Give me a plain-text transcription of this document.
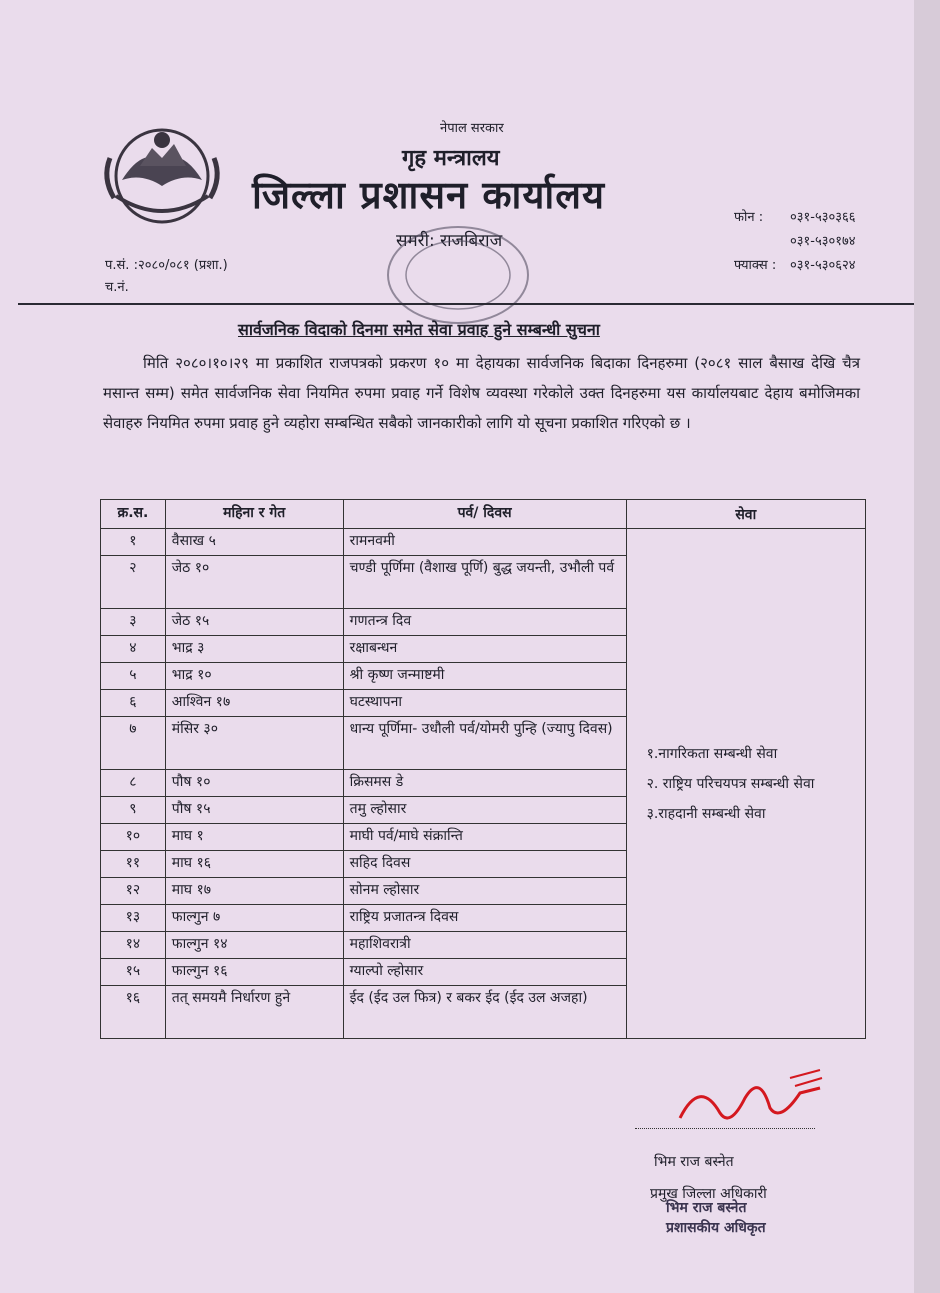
नेपाल सरकार
गृह मन्त्रालय
जिल्ला प्रशासन कार्यालय
समरी: राजबिराज
फोन :	०३१-५३०३६६
०३१-५३०१७४
फ्याक्स :	०३१-५३०६२४
प.सं. :२०८०/०८१ (प्रशा.)
च.नं.
सार्वजनिक विदाको दिनमा समेत सेवा प्रवाह हुने सम्बन्धी सुचना
मिति २०८०।१०।२९ मा प्रकाशित राजपत्रको प्रकरण १० मा देहायका सार्वजनिक बिदाका दिनहरुमा (२०८१ साल बैसाख देखि चैत्र मसान्त सम्म) समेत सार्वजनिक सेवा नियमित रुपमा प्रवाह गर्ने विशेष व्यवस्था गरेकोले उक्त दिनहरुमा यस कार्यालयबाट देहाय बमोजिमका सेवाहरु नियमित रुपमा प्रवाह हुने व्यहोरा सम्बन्धित सबैको जानकारीको लागि यो सूचना प्रकाशित गरिएको छ ।
क्र.स.	महिना र गेत	पर्व/ दिवस	सेवा
१	वैसाख ५	रामनवमी	१.नागरिकता सम्बन्धी सेवा
२. राष्ट्रिय परिचयपत्र सम्बन्धी सेवा
३.राहदानी सम्बन्धी सेवा

२	जेठ १०	चण्डी पूर्णिमा (वैशाख पूर्णि) बुद्ध जयन्ती, उभौली पर्व	
३	जेठ १५	गणतन्त्र दिव	
४	भाद्र ३	रक्षाबन्धन	
५	भाद्र १०	श्री कृष्ण जन्माष्टमी	
६	आश्विन १७	घटस्थापना	
७	मंसिर ३०	धान्य पूर्णिमा- उधौली पर्व/योमरी पुन्हि (ज्यापु दिवस)	
८	पौष १०	क्रिसमस डे	
९	पौष १५	तमु ल्होसार	
१०	माघ १	माघी पर्व/माघे संक्रान्ति	
११	माघ १६	सहिद दिवस	
१२	माघ १७	सोनम ल्होसार	
१३	फाल्गुन ७	राष्ट्रिय प्रजातन्त्र दिवस	
१४	फाल्गुन १४	महाशिवरात्री	
१५	फाल्गुन १६	ग्याल्पो ल्होसार	
१६	तत् समयमै निर्धारण हुने	ईद (ईद उल फित्र) र बकर ईद (ईद उल अजहा)	
भिम राज बस्नेत
प्रमुख जिल्ला अधिकारी
भिम राज बस्नेत
प्रशासकीय अधिकृत
